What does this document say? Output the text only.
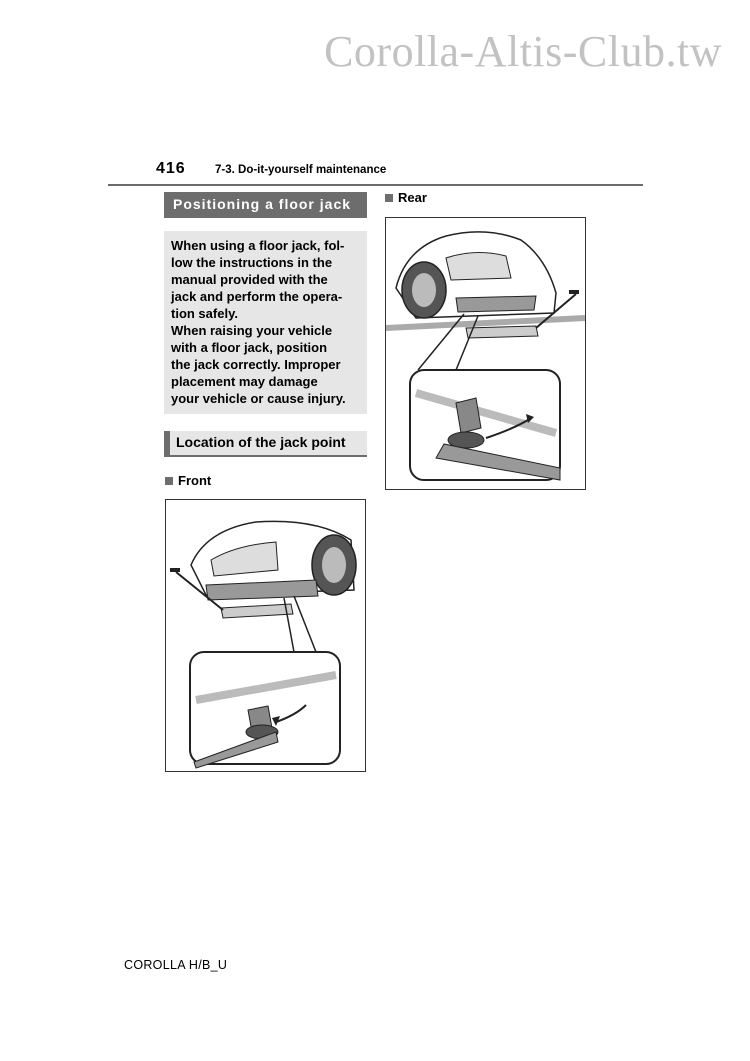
Corolla-Altis-Club.tw
416	7-3. Do-it-yourself maintenance
Positioning a floor jack

When using a floor jack, fol-

low the instructions in the

manual provided with the

jack and perform the opera-

tion safely.

When raising your vehicle

with a floor jack, position

the jack correctly. Improper

placement may damage

your vehicle or cause injury.

Location of the jack point
Front
Rear
COROLLA H/B_U
